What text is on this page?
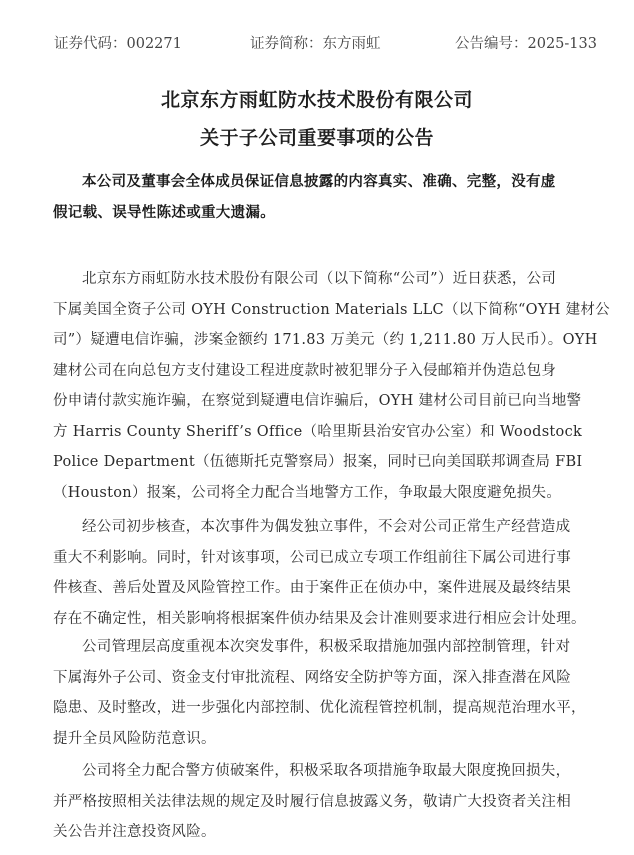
证券代码：002271	证券简称：东方雨虹	公告编号：2025-133
北京东方雨虹防水技术股份有限公司
关于子公司重要事项的公告
本公司及董事会全体成员保证信息披露的内容真实、准确、完整，没有虚
假记载、误导性陈述或重大遗漏。
北京东方雨虹防水技术股份有限公司（以下简称“公司”）近日获悉，公司
下属美国全资子公司 OYH Construction Materials LLC（以下简称“OYH 建材公
司”）疑遭电信诈骗，涉案金额约 171.83 万美元（约 1,211.80 万人民币）。OYH
建材公司在向总包方支付建设工程进度款时被犯罪分子入侵邮箱并伪造总包身
份申请付款实施诈骗，在察觉到疑遭电信诈骗后，OYH 建材公司目前已向当地警
方 Harris County Sheriff’s Office（哈里斯县治安官办公室）和 Woodstock
Police Department（伍德斯托克警察局）报案，同时已向美国联邦调查局 FBI
（Houston）报案，公司将全力配合当地警方工作，争取最大限度避免损失。
经公司初步核查，本次事件为偶发独立事件，不会对公司正常生产经营造成
重大不利影响。同时，针对该事项，公司已成立专项工作组前往下属公司进行事
件核查、善后处置及风险管控工作。由于案件正在侦办中，案件进展及最终结果
存在不确定性，相关影响将根据案件侦办结果及会计准则要求进行相应会计处理。
公司管理层高度重视本次突发事件，积极采取措施加强内部控制管理，针对
下属海外子公司、资金支付审批流程、网络安全防护等方面，深入排查潜在风险
隐患、及时整改，进一步强化内部控制、优化流程管控机制，提高规范治理水平，
提升全员风险防范意识。
公司将全力配合警方侦破案件，积极采取各项措施争取最大限度挽回损失，
并严格按照相关法律法规的规定及时履行信息披露义务，敬请广大投资者关注相
关公告并注意投资风险。
